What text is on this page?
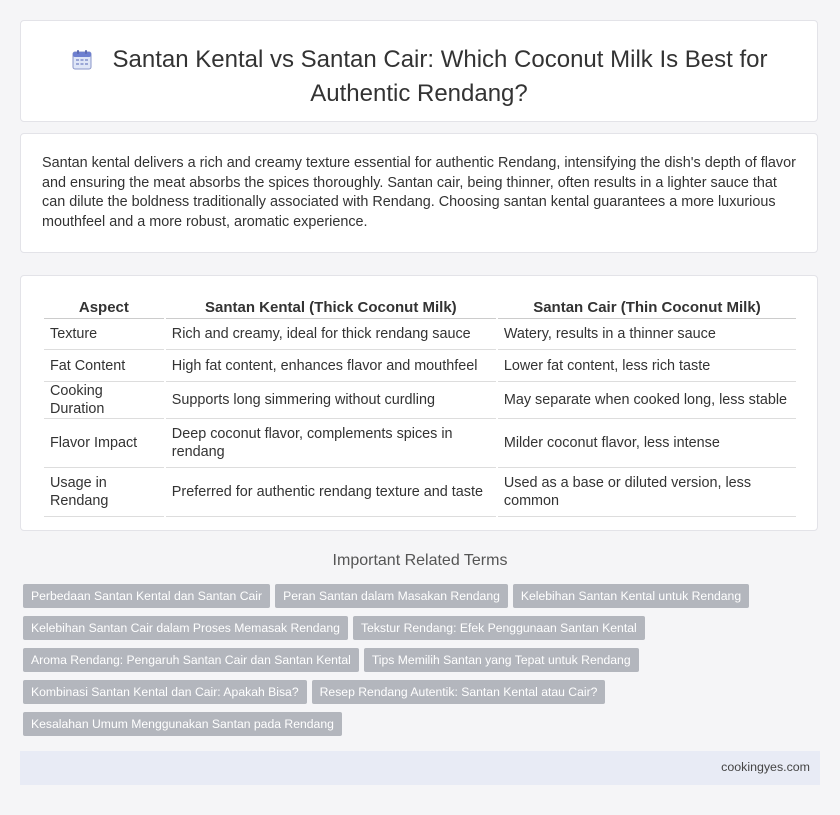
Santan Kental vs Santan Cair: Which Coconut Milk Is Best for Authentic Rendang?
Santan kental delivers a rich and creamy texture essential for authentic Rendang, intensifying the dish's depth of flavor and ensuring the meat absorbs the spices thoroughly. Santan cair, being thinner, often results in a lighter sauce that can dilute the boldness traditionally associated with Rendang. Choosing santan kental guarantees a more luxurious mouthfeel and a more robust, aromatic experience.
Aspect	Santan Kental (Thick Coconut Milk)	Santan Cair (Thin Coconut Milk)
Texture	Rich and creamy, ideal for thick rendang sauce	Watery, results in a thinner sauce
Fat Content	High fat content, enhances flavor and mouthfeel	Lower fat content, less rich taste
Cooking Duration	Supports long simmering without curdling	May separate when cooked long, less stable
Flavor Impact	Deep coconut flavor, complements spices in rendang	Milder coconut flavor, less intense
Usage in Rendang	Preferred for authentic rendang texture and taste	Used as a base or diluted version, less common
Important Related Terms
Perbedaan Santan Kental dan Santan Cair Peran Santan dalam Masakan Rendang Kelebihan Santan Kental untuk Rendang
Kelebihan Santan Cair dalam Proses Memasak Rendang Tekstur Rendang: Efek Penggunaan Santan Kental
Aroma Rendang: Pengaruh Santan Cair dan Santan Kental Tips Memilih Santan yang Tepat untuk Rendang
Kombinasi Santan Kental dan Cair: Apakah Bisa? Resep Rendang Autentik: Santan Kental atau Cair?
Kesalahan Umum Menggunakan Santan pada Rendang
cookingyes.com
